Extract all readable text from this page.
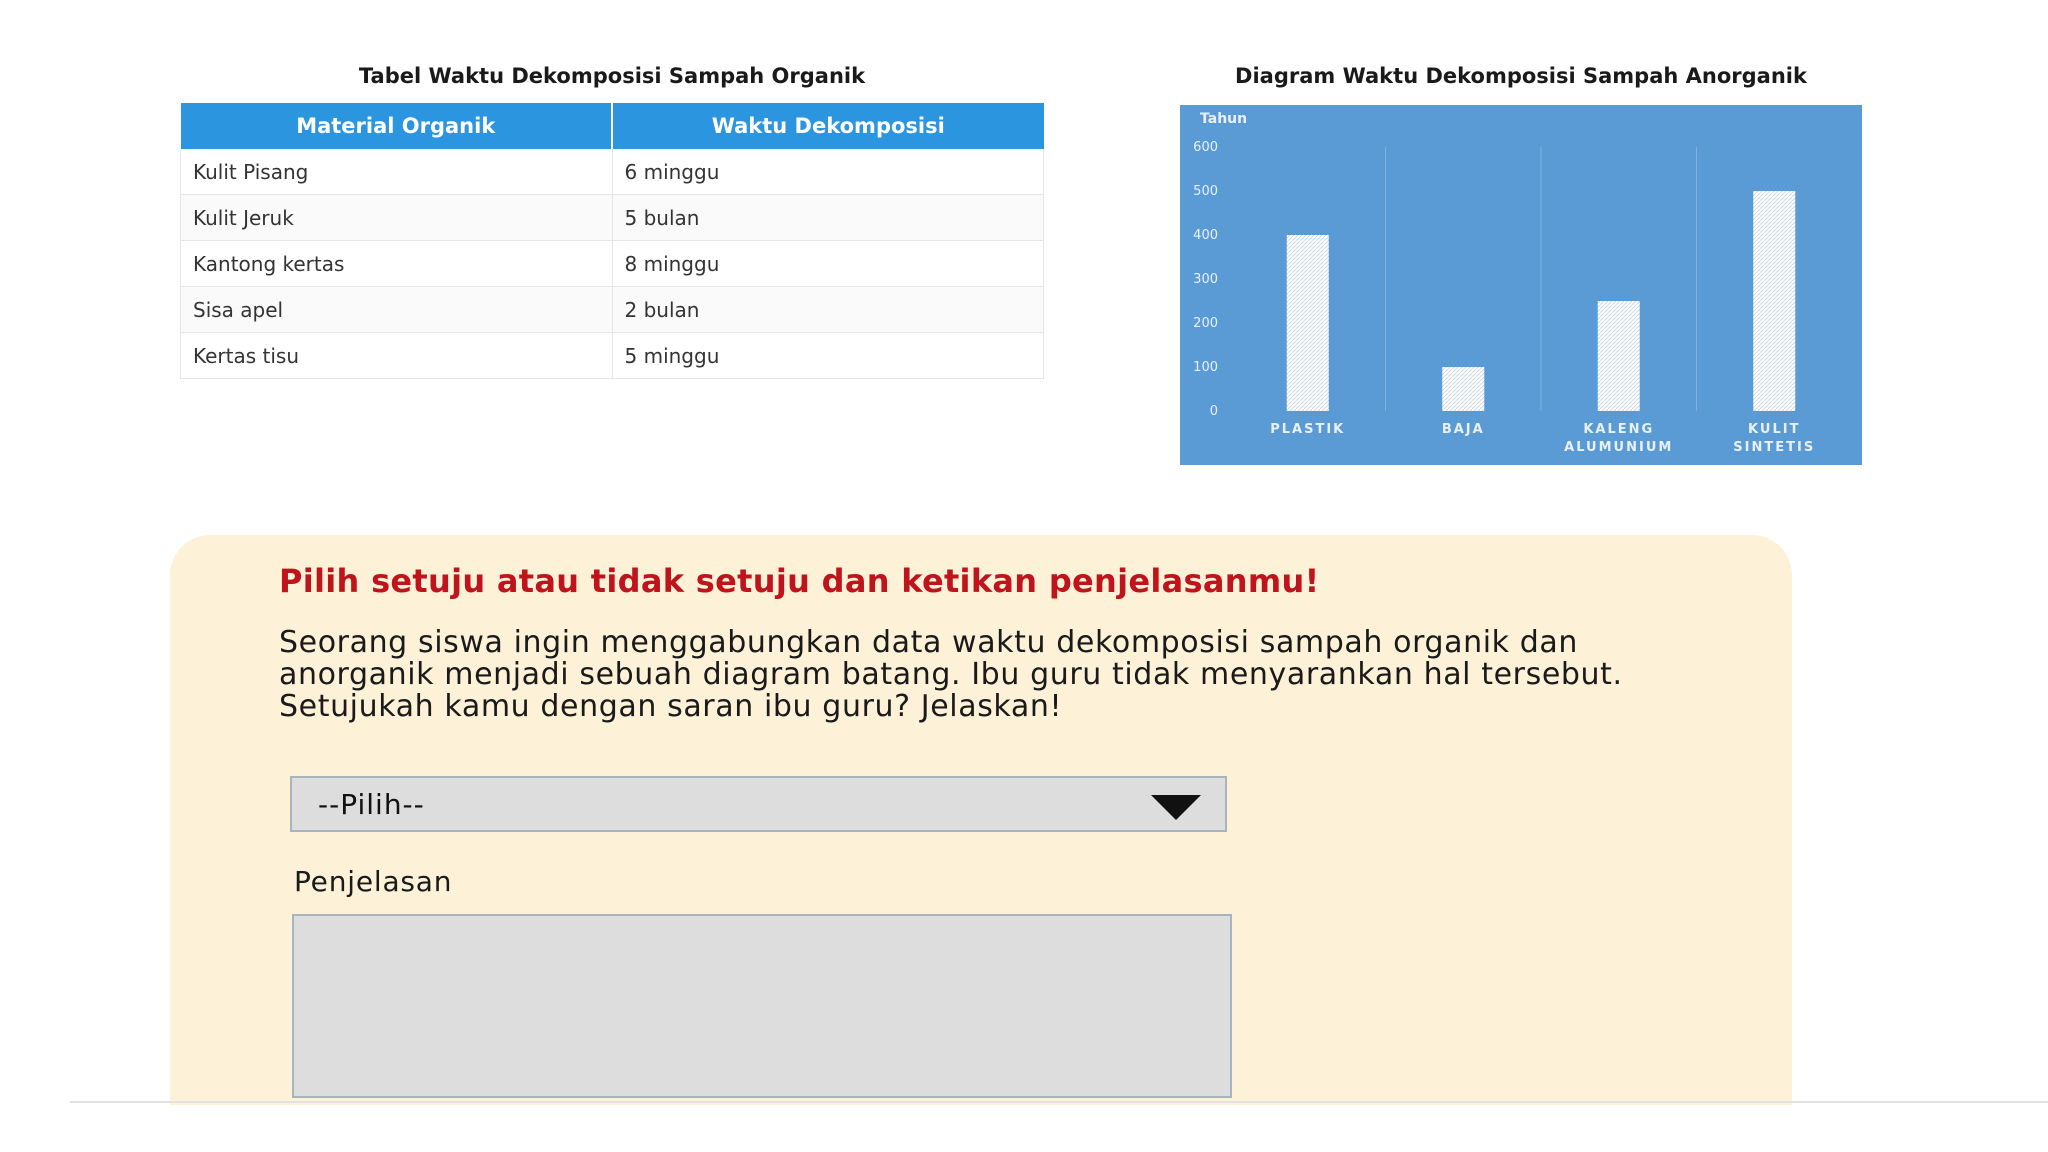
Tabel Waktu Dekomposisi Sampah Organik
Material Organik	Waktu Dekomposisi
Kulit Pisang	6 minggu
Kulit Jeruk	5 bulan
Kantong kertas	8 minggu
Sisa apel	2 bulan
Kertas tisu	5 minggu
Diagram Waktu Dekomposisi Sampah Anorganik
Tahun
0
100
200
300
400
500
600
PLASTIK	BAJA	KALENG
ALUMUNIUM
KULIT
SINTETIS
Pilih setuju atau tidak setuju dan ketikan penjelasanmu!
Seorang siswa ingin menggabungkan data waktu dekomposisi sampah organik dan anorganik menjadi sebuah diagram batang. Ibu guru tidak menyarankan hal tersebut. Setujukah kamu dengan saran ibu guru? Jelaskan!
--Pilih--
Penjelasan
